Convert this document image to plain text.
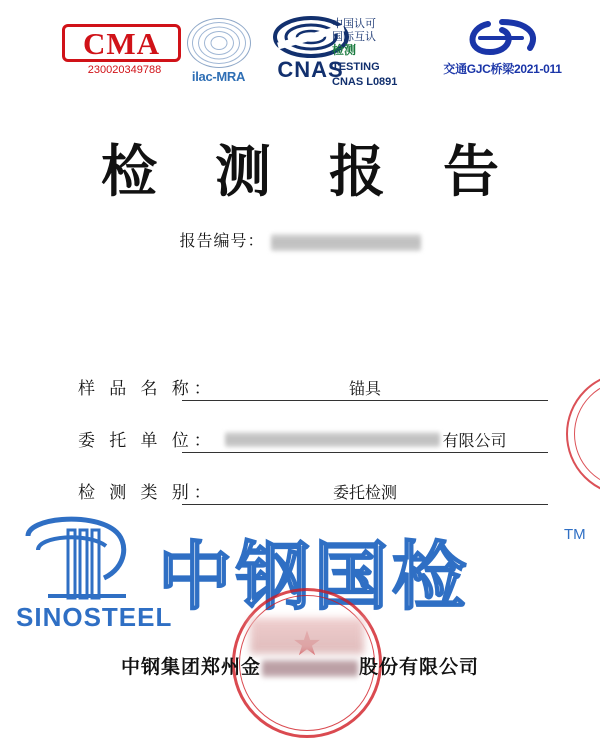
CMA
230020349788	ilac-MRA	CNAS
中国认可
国际互认
检测
TESTING
CNAS L0891
交通GJC桥梁2021-011
检 测 报 告
报告编号：
样 品 名 称：	锚具
委 托 单 位：	有限公司
检 测 类 别：	委托检测
中钢国检
TM
SINOSTEEL
中钢集团郑州金	股份有限公司
